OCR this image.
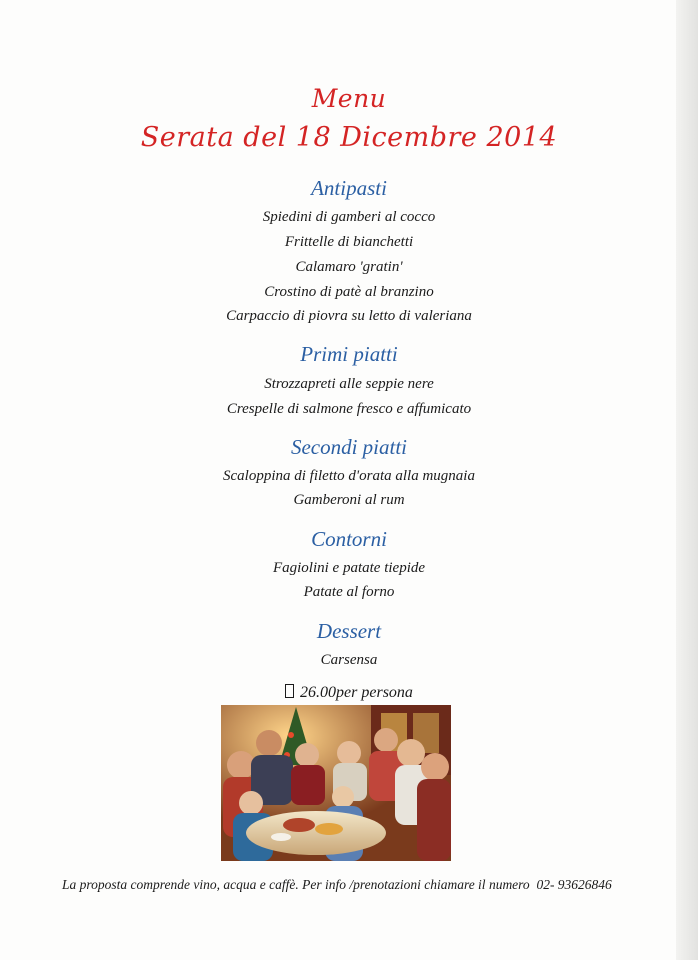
Menu
Serata del 18 Dicembre 2014
Antipasti
Spiedini di gamberi al cocco
Frittelle di bianchetti
Calamaro 'gratin'
Crostino di patè al branzino
Carpaccio di piovra su letto di valeriana
Primi piatti
Strozzapreti alle seppie nere
Crespelle di salmone fresco e affumicato
Secondi piatti
Scaloppina di filetto d'orata alla mugnaia
Gamberoni al rum
Contorni
Fagiolini e patate tiepide
Patate al forno
Dessert
Carsensa
26.00per persona
La proposta comprende vino, acqua e caffè. Per info /prenotazioni chiamare il numero 02- 93626846
